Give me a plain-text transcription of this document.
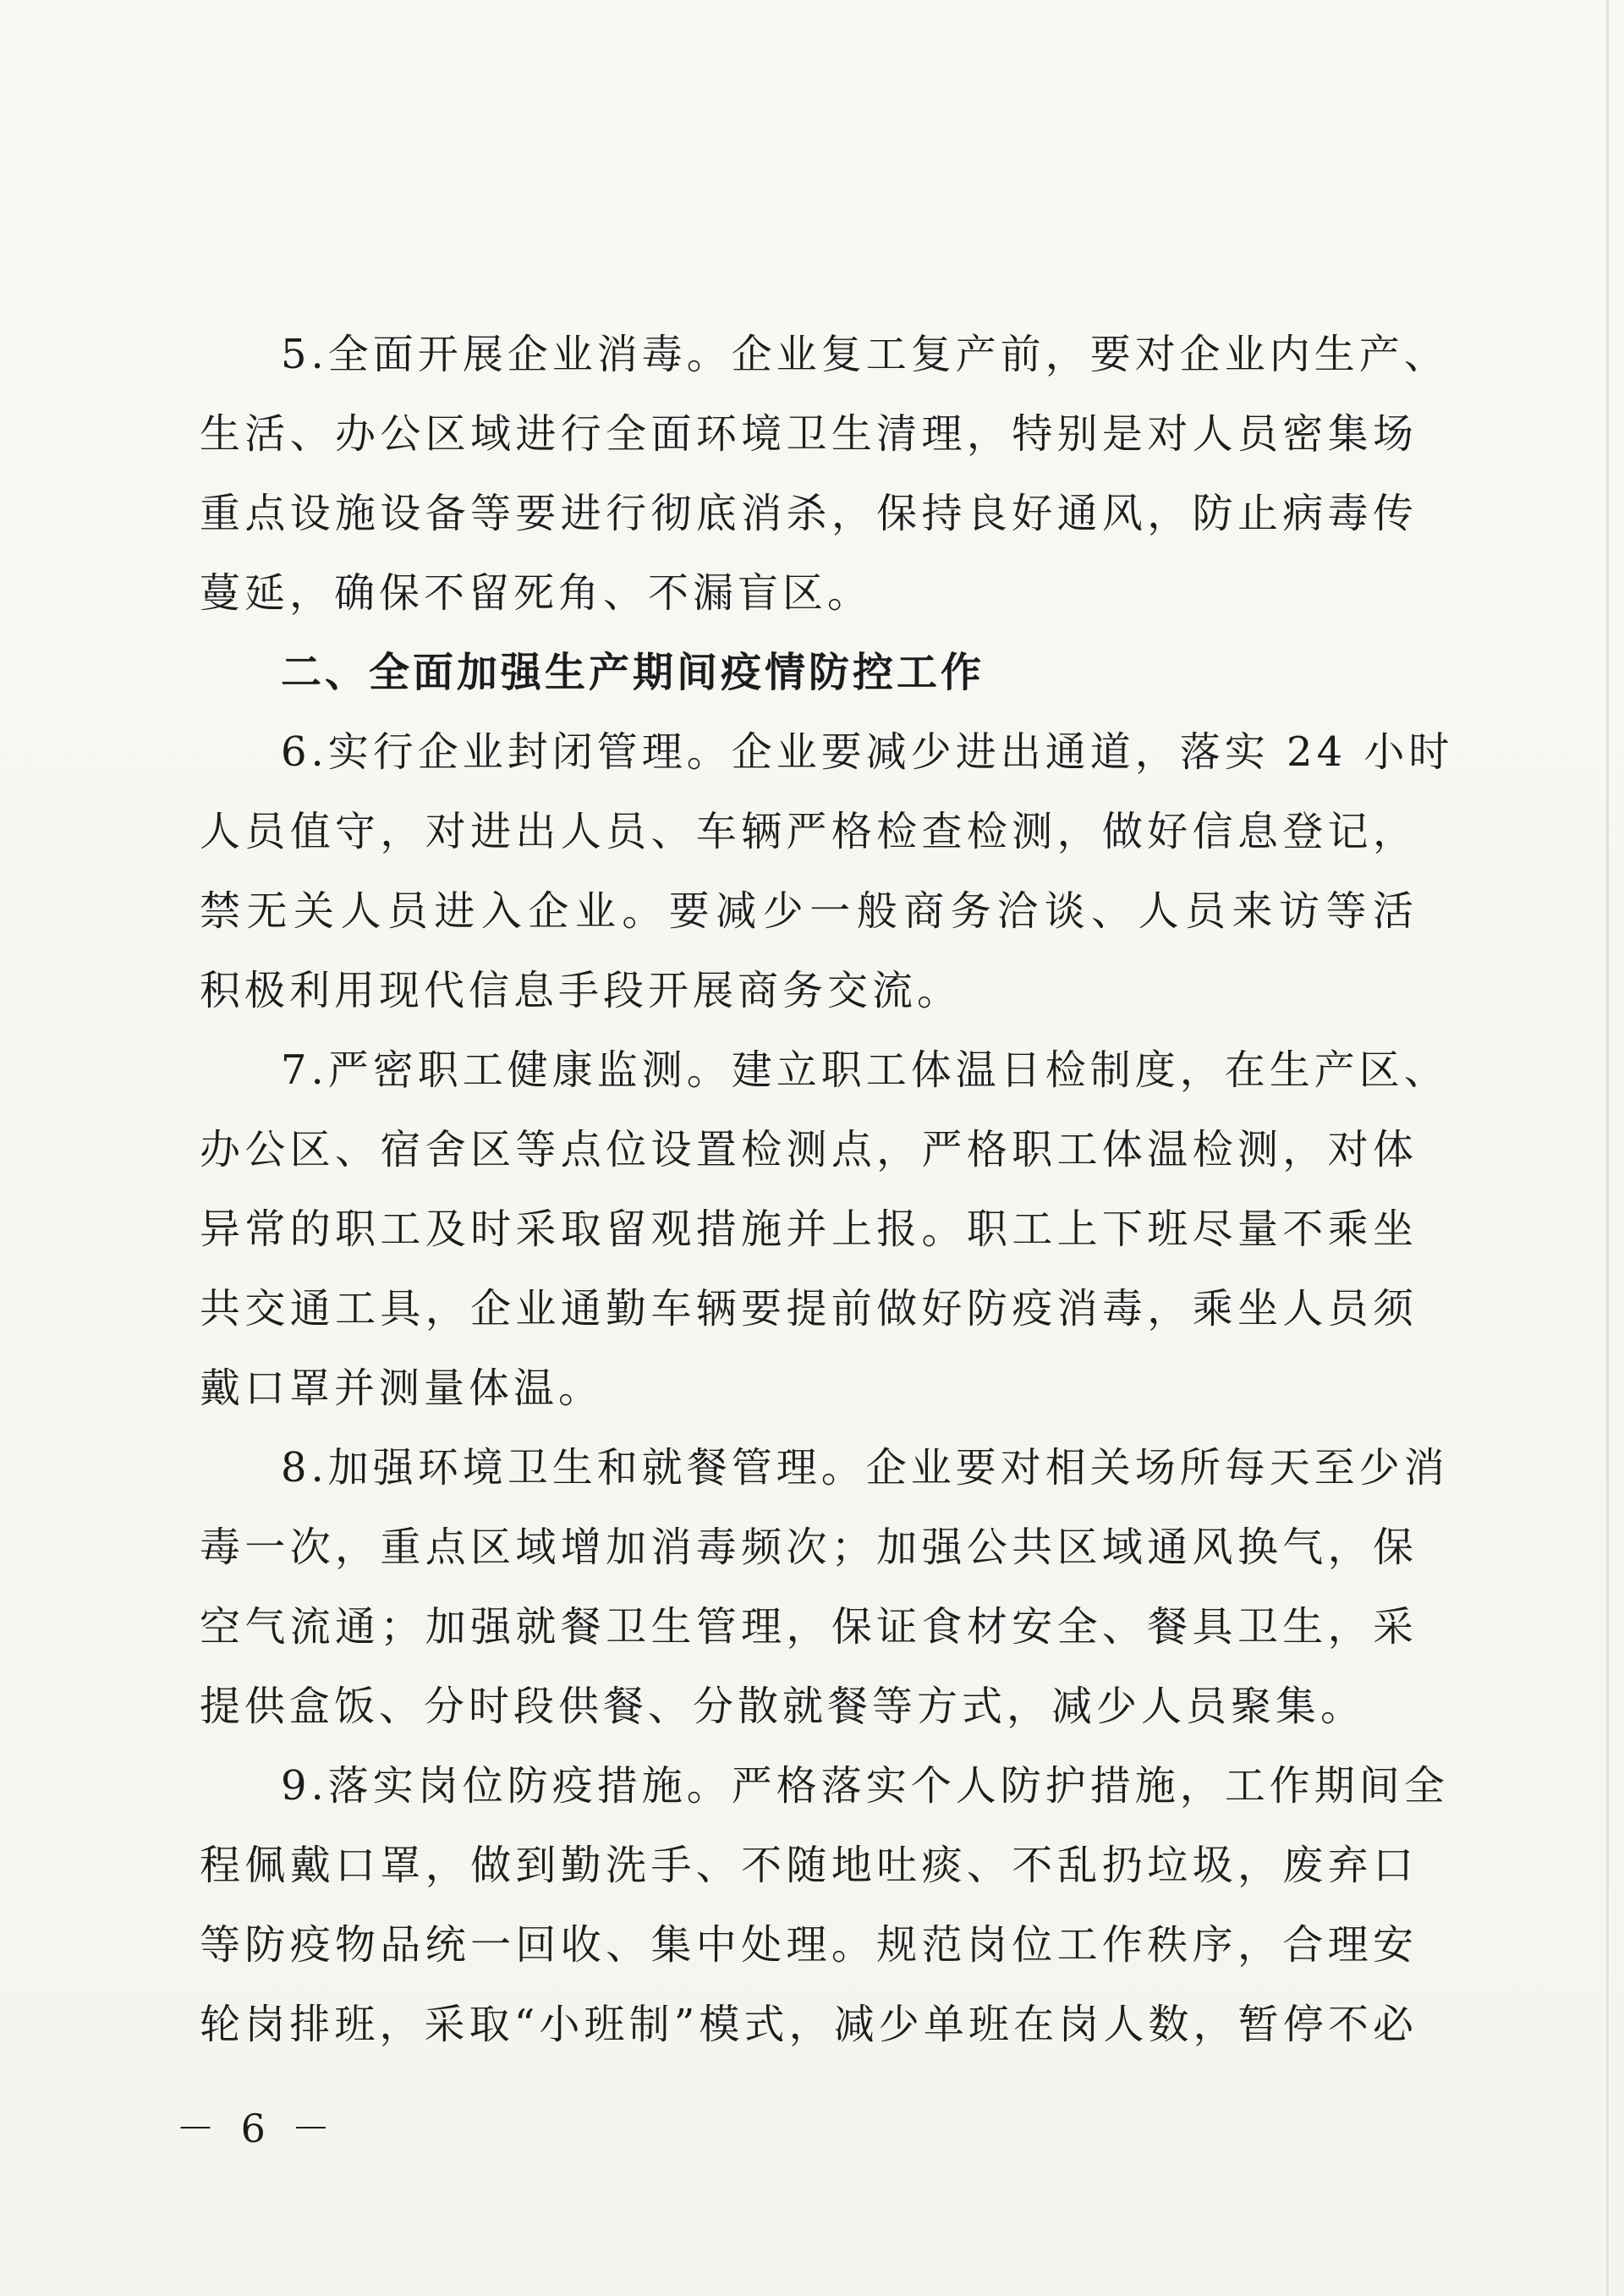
5.全面开展企业消毒。企业复工复产前，要对企业内生产、
生活、办公区域进行全面环境卫生清理，特别是对人员密集场
重点设施设备等要进行彻底消杀，保持良好通风，防止病毒传
蔓延，确保不留死角、不漏盲区。
二、全面加强生产期间疫情防控工作
6.实行企业封闭管理。企业要减少进出通道，落实 24 小时
人员值守，对进出人员、车辆严格检查检测，做好信息登记，
禁无关人员进入企业。要减少一般商务洽谈、人员来访等活
积极利用现代信息手段开展商务交流。
7.严密职工健康监测。建立职工体温日检制度，在生产区、
办公区、宿舍区等点位设置检测点，严格职工体温检测，对体
异常的职工及时采取留观措施并上报。职工上下班尽量不乘坐
共交通工具，企业通勤车辆要提前做好防疫消毒，乘坐人员须
戴口罩并测量体温。
8.加强环境卫生和就餐管理。企业要对相关场所每天至少消
毒一次，重点区域增加消毒频次；加强公共区域通风换气，保
空气流通；加强就餐卫生管理，保证食材安全、餐具卫生，采
提供盒饭、分时段供餐、分散就餐等方式，减少人员聚集。
9.落实岗位防疫措施。严格落实个人防护措施，工作期间全
程佩戴口罩，做到勤洗手、不随地吐痰、不乱扔垃圾，废弃口
等防疫物品统一回收、集中处理。规范岗位工作秩序，合理安
轮岗排班，采取“小班制”模式，减少单班在岗人数，暂停不必
－ 6 －
